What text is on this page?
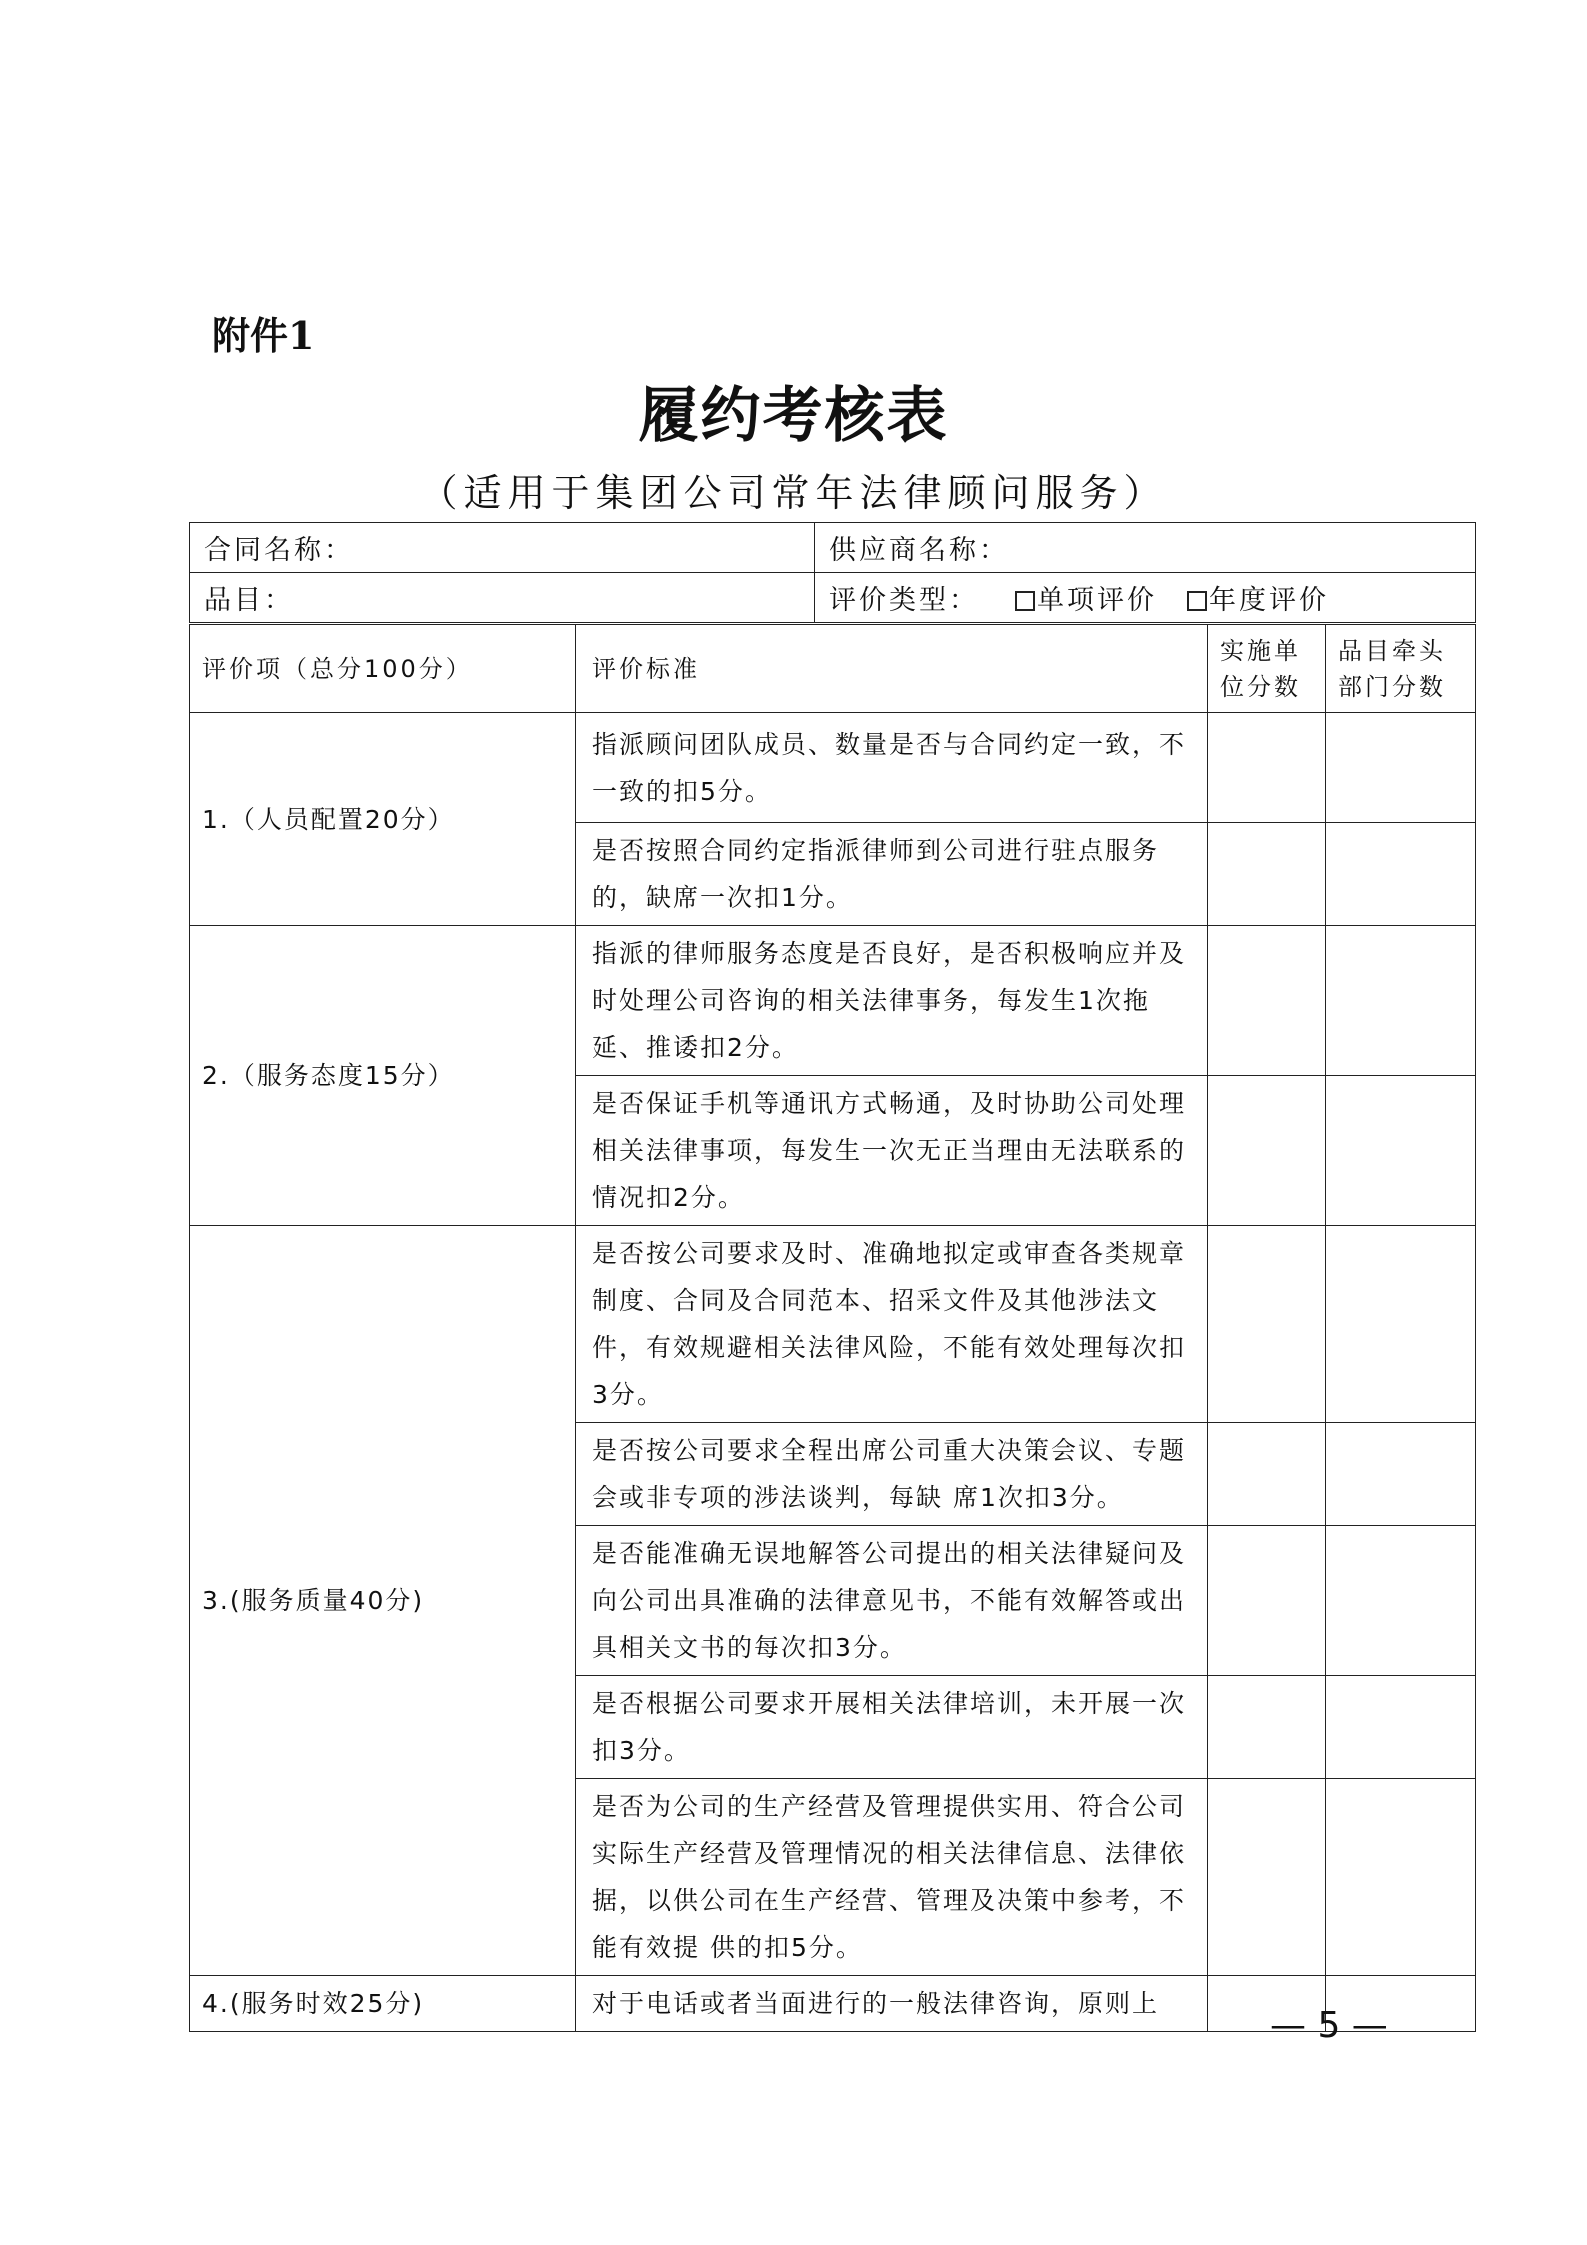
附件1
履约考核表
（适用于集团公司常年法律顾问服务）
合同名称：	供应商名称：
品目：	评价类型： 单项评价 年度评价
评价项（总分100分）	评价标准	实施单位分数	品目牵头部门分数
1.（人员配置20分）	指派顾问团队成员、数量是否与合同约定一致，不一致的扣5分。		
	是否按照合同约定指派律师到公司进行驻点服务的，缺席一次扣1分。		
2.（服务态度15分）	指派的律师服务态度是否良好，是否积极响应并及时处理公司咨询的相关法律事务，每发生1次拖延、推诿扣2分。		
	是否保证手机等通讯方式畅通，及时协助公司处理相关法律事项，每发生一次无正当理由无法联系的情况扣2分。		
3.(服务质量40分)	是否按公司要求及时、准确地拟定或审查各类规章制度、合同及合同范本、招采文件及其他涉法文件，有效规避相关法律风险，不能有效处理每次扣3分。		
	是否按公司要求全程出席公司重大决策会议、专题会或非专项的涉法谈判，每缺 席1次扣3分。		
	是否能准确无误地解答公司提出的相关法律疑问及向公司出具准确的法律意见书，不能有效解答或出具相关文书的每次扣3分。		
	是否根据公司要求开展相关法律培训，未开展一次扣3分。		
	是否为公司的生产经营及管理提供实用、符合公司实际生产经营及管理情况的相关法律信息、法律依据，以供公司在生产经营、管理及决策中参考，不能有效提 供的扣5分。		
4.(服务时效25分)	对于电话或者当面进行的一般法律咨询，原则上		
— 5 —
